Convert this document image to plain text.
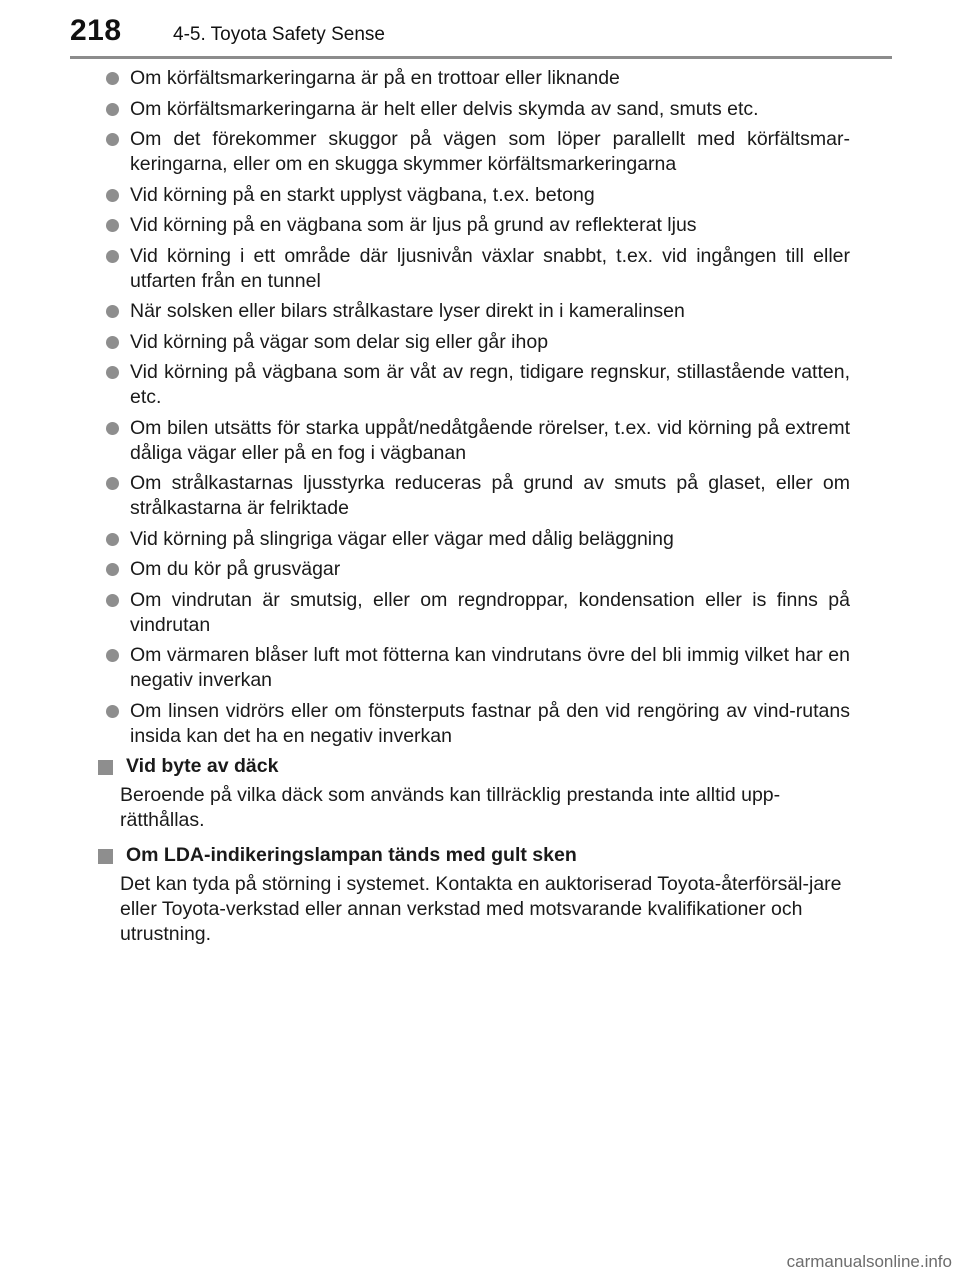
218	4-5. Toyota Safety Sense
Om körfältsmarkeringarna är på en trottoar eller liknande
Om körfältsmarkeringarna är helt eller delvis skymda av sand, smuts etc.
Om det förekommer skuggor på vägen som löper parallellt med körfältsmar-keringarna, eller om en skugga skymmer körfältsmarkeringarna
Vid körning på en starkt upplyst vägbana, t.ex. betong
Vid körning på en vägbana som är ljus på grund av reflekterat ljus
Vid körning i ett område där ljusnivån växlar snabbt, t.ex. vid ingången till eller utfarten från en tunnel
När solsken eller bilars strålkastare lyser direkt in i kameralinsen
Vid körning på vägar som delar sig eller går ihop
Vid körning på vägbana som är våt av regn, tidigare regnskur, stillastående vatten, etc.
Om bilen utsätts för starka uppåt/nedåtgående rörelser, t.ex. vid körning på extremt dåliga vägar eller på en fog i vägbanan
Om strålkastarnas ljusstyrka reduceras på grund av smuts på glaset, eller om strålkastarna är felriktade
Vid körning på slingriga vägar eller vägar med dålig beläggning
Om du kör på grusvägar
Om vindrutan är smutsig, eller om regndroppar, kondensation eller is finns på vindrutan
Om värmaren blåser luft mot fötterna kan vindrutans övre del bli immig vilket har en negativ inverkan
Om linsen vidrörs eller om fönsterputs fastnar på den vid rengöring av vind-rutans insida kan det ha en negativ inverkan
Vid byte av däck
Beroende på vilka däck som används kan tillräcklig prestanda inte alltid upp-rätthållas.
Om LDA-indikeringslampan tänds med gult sken
Det kan tyda på störning i systemet. Kontakta en auktoriserad Toyota-återförsäl-jare eller Toyota-verkstad eller annan verkstad med motsvarande kvalifikationer och utrustning.
carmanualsonline.info
